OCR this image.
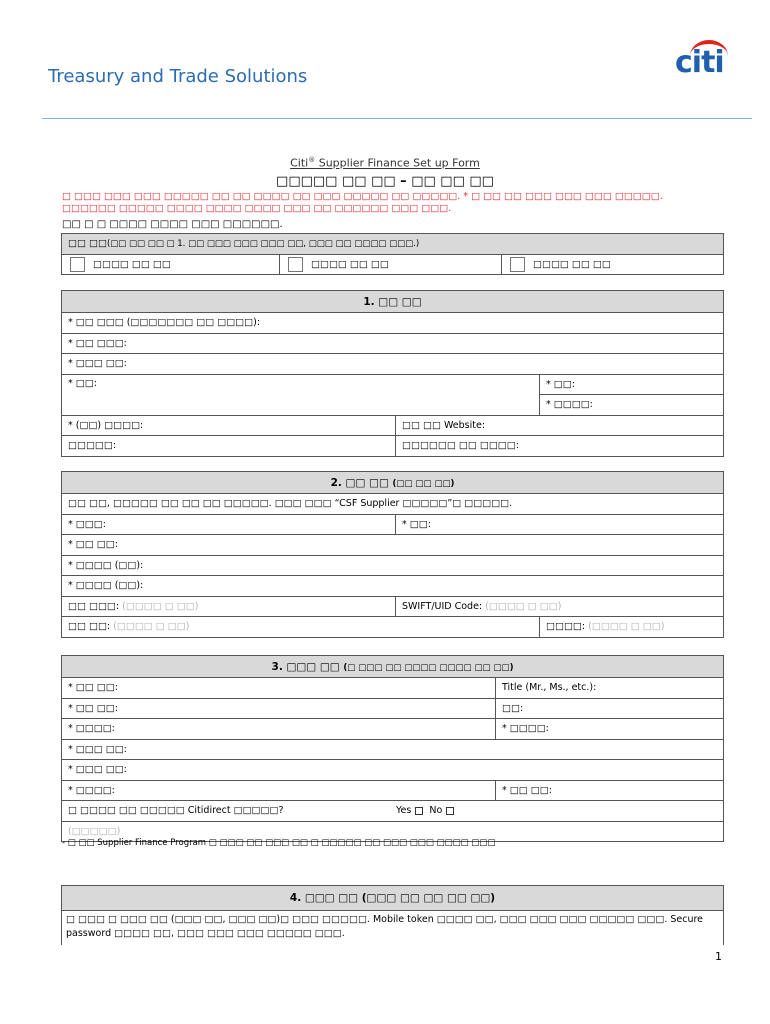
Treasury and Trade Solutions	citi
Citi® Supplier Finance Set up Form
□□□□□ □□ □□ – □□ □□ □□
□ □□□ □□□ □□□ □□□□□ □□ □□ □□□□ □□ □□□ □□□□□ □□ □□□□□. * □ □□ □□ □□□ □□□ □□□ □□□□□. □□□□□□ □□□□□ □□□□ □□□□ □□□□ □□□ □□ □□□□□□ □□□ □□□.
□□ □ □ □□□□ □□□□ □□□ □□□□□□.
□□ □□(□□ □□ □□ □ 1. □□ □□□ □□□ □□□ □□, □□□ □□ □□□□ □□□.)
□□□□ □□ □□	□□□□ □□ □□	□□□□ □□ □□
1. □□ □□		
* □□ □□□ (□□□□□□□ □□ □□□□):		
* □□ □□□:		
* □□□ □□:		
* □□:		* □□:
		* □□□□:
* (□□) □□□□:	□□ □□ Website:	
□□□□□:	□□□□□□ □□ □□□□:	
2. □□ □□ (□□ □□ □□)		
□□ □□, □□□□□ □□ □□ □□ □□□□□. □□□ □□□ “CSF Supplier □□□□□”□ □□□□□.		
* □□□:	* □□:	
* □□ □□:		
* □□□□ (□□):		
* □□□□ (□□):		
□□ □□□: (□□□□ □ □□)	SWIFT/UID Code: (□□□□ □ □□)	
□□ □□: (□□□□ □ □□)		□□□□: (□□□□ □ □□)
3. □□□ □□ (□ □□□ □□ □□□□ □□□□ □□ □□)	
* □□ □□:	Title (Mr., Ms., etc.):
* □□ □□:	□□:
* □□□□:	* □□□□:
* □□□ □□:	
* □□□ □□:	
* □□□□:	* □□ □□:
□ □□□□ □□ □□□□□ Citidirect □□□□□? Yes No	
(□□□□□)	
- □ □□ Supplier Finance Program □ □□□ □□ □□□ □□ □ □□□□□ □□ □□□ □□□ □□□□ □□□
4. □□□ □□ (□□□ □□ □□ □□ □□)
□ □□□ □ □□□ □□ (□□□ □□, □□□ □□)□ □□□ □□□□□. Mobile token □□□□ □□, □□□ □□□ □□□ □□□□□ □□□. Secure password □□□□ □□, □□□ □□□ □□□ □□□□□ □□□.
1
